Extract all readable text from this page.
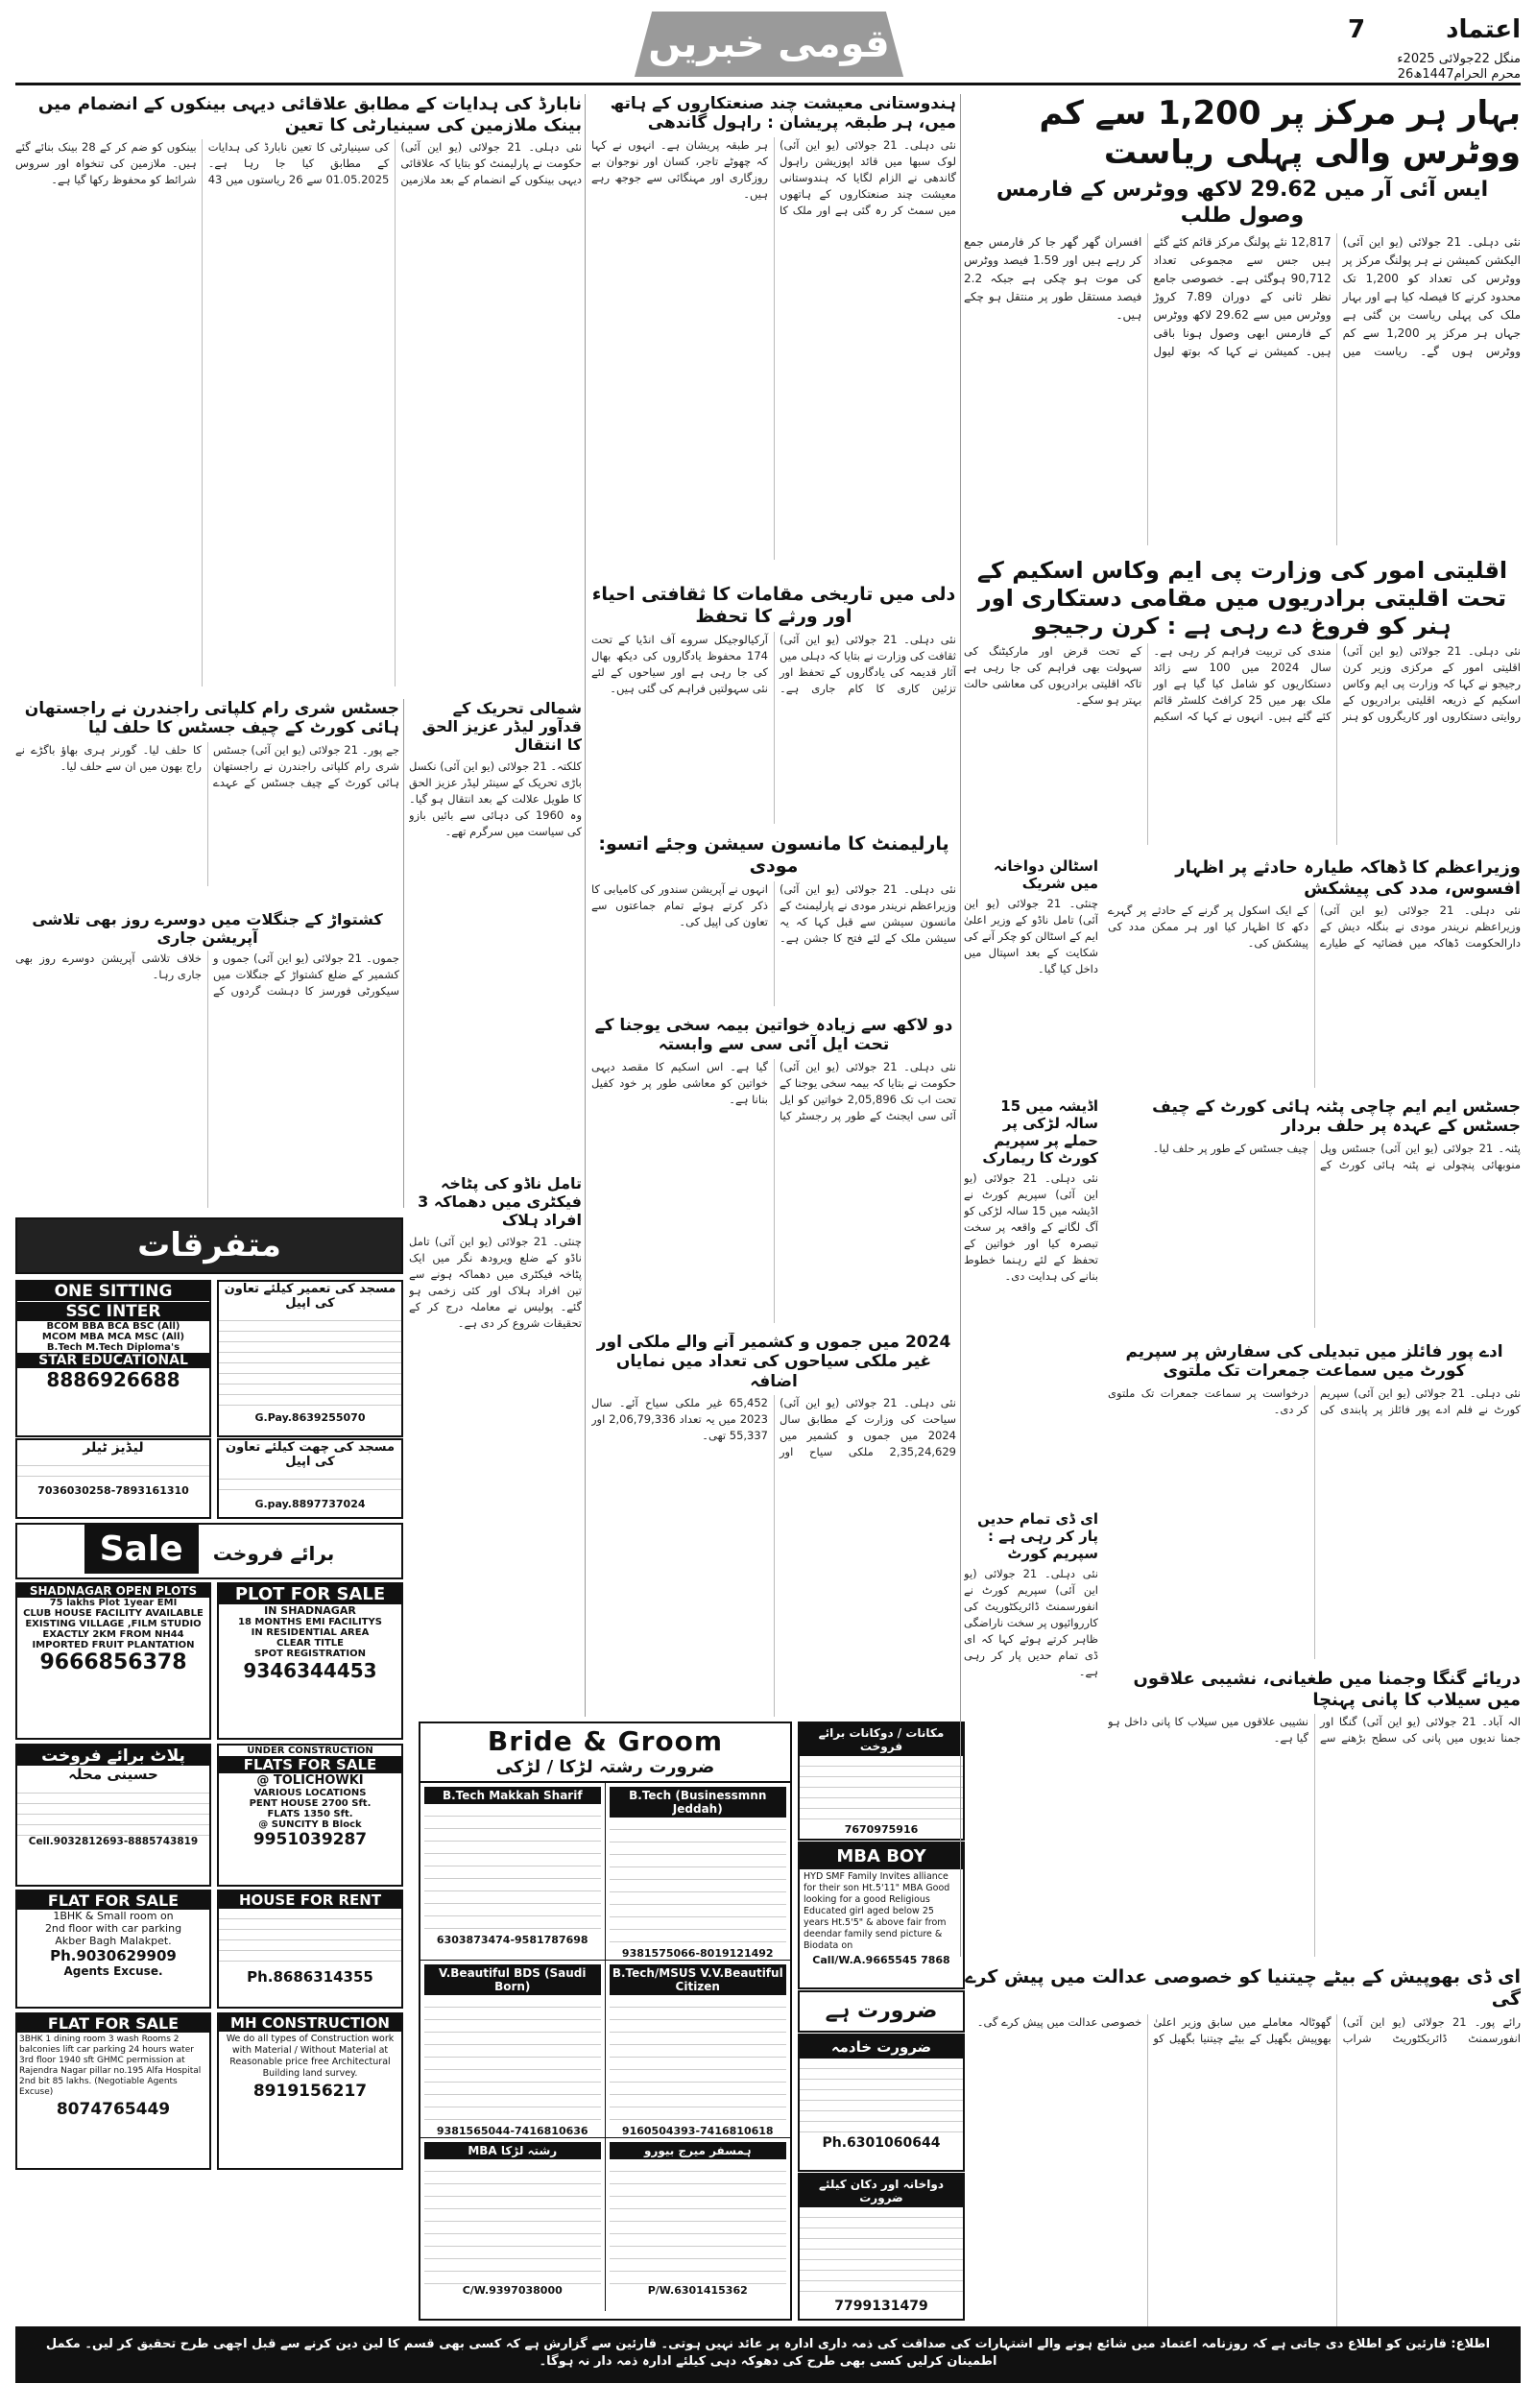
اعتماد
7
منگل 22جولائی 2025ء
26محرم الحرام1447ھ
قومی خبریں
بہار ہر مرکز پر 1,200 سے کم ووٹرس والی پہلی ریاست
ایس آئی آر میں 29.62 لاکھ ووٹرس کے فارمس وصول طلب
نئی دہلی۔ 21 جولائی (یو این آئی) الیکشن کمیشن نے ہر پولنگ مرکز پر ووٹرس کی تعداد کو 1,200 تک محدود کرنے کا فیصلہ کیا ہے اور بہار ملک کی پہلی ریاست بن گئی ہے جہاں ہر مرکز پر 1,200 سے کم ووٹرس ہوں گے۔ ریاست میں 12,817 نئے پولنگ مرکز قائم کئے گئے ہیں جس سے مجموعی تعداد 90,712 ہوگئی ہے۔ خصوصی جامع نظر ثانی کے دوران 7.89 کروڑ ووٹرس میں سے 29.62 لاکھ ووٹرس کے فارمس ابھی وصول ہونا باقی ہیں۔ کمیشن نے کہا کہ بوتھ لیول افسران گھر گھر جا کر فارمس جمع کر رہے ہیں اور 1.59 فیصد ووٹرس کی موت ہو چکی ہے جبکہ 2.2 فیصد مستقل طور پر منتقل ہو چکے ہیں۔
اقلیتی امور کی وزارت پی ایم وکاس اسکیم کے تحت اقلیتی برادریوں میں مقامی دستکاری اور ہنر کو فروغ دے رہی ہے : کرن رجیجو
نئی دہلی۔ 21 جولائی (یو این آئی) اقلیتی امور کے مرکزی وزیر کرن رجیجو نے کہا کہ وزارت پی ایم وکاس اسکیم کے ذریعہ اقلیتی برادریوں کے روایتی دستکاروں اور کاریگروں کو ہنر مندی کی تربیت فراہم کر رہی ہے۔ سال 2024 میں 100 سے زائد دستکاریوں کو شامل کیا گیا ہے اور ملک بھر میں 25 کرافٹ کلسٹر قائم کئے گئے ہیں۔ انہوں نے کہا کہ اسکیم کے تحت قرض اور مارکیٹنگ کی سہولت بھی فراہم کی جا رہی ہے تاکہ اقلیتی برادریوں کی معاشی حالت بہتر ہو سکے۔
وزیراعظم کا ڈھاکہ طیارہ حادثے پر اظہار افسوس، مدد کی پیشکش
نئی دہلی۔ 21 جولائی (یو این آئی) وزیراعظم نریندر مودی نے بنگلہ دیش کے دارالحکومت ڈھاکہ میں فضائیہ کے طیارے کے ایک اسکول پر گرنے کے حادثے پر گہرے دکھ کا اظہار کیا اور ہر ممکن مدد کی پیشکش کی۔
اسٹالن دواخانہ میں شریک
چنئی۔ 21 جولائی (یو این آئی) تامل ناڈو کے وزیر اعلیٰ ایم کے اسٹالن کو چکر آنے کی شکایت کے بعد اسپتال میں داخل کیا گیا۔
جسٹس ایم ایم چاچی پٹنہ ہائی کورٹ کے چیف جسٹس کے عہدہ پر حلف بردار
پٹنہ۔ 21 جولائی (یو این آئی) جسٹس وپل منوبھائی پنچولی نے پٹنہ ہائی کورٹ کے چیف جسٹس کے طور پر حلف لیا۔
اڈیشہ میں 15 سالہ لڑکی پر حملے پر سپریم کورٹ کا ریمارک
نئی دہلی۔ 21 جولائی (یو این آئی) سپریم کورٹ نے اڈیشہ میں 15 سالہ لڑکی کو آگ لگانے کے واقعہ پر سخت تبصرہ کیا اور خواتین کے تحفظ کے لئے رہنما خطوط بنانے کی ہدایت دی۔
ادے پور فائلز میں تبدیلی کی سفارش پر سپریم کورٹ میں سماعت جمعرات تک ملتوی
نئی دہلی۔ 21 جولائی (یو این آئی) سپریم کورٹ نے فلم ادے پور فائلز پر پابندی کی درخواست پر سماعت جمعرات تک ملتوی کر دی۔
ای ڈی تمام حدیں پار کر رہی ہے : سپریم کورٹ
نئی دہلی۔ 21 جولائی (یو این آئی) سپریم کورٹ نے انفورسمنٹ ڈائریکٹوریٹ کی کارروائیوں پر سخت ناراضگی ظاہر کرتے ہوئے کہا کہ ای ڈی تمام حدیں پار کر رہی ہے۔	دریائے گنگا وجمنا میں طغیانی، نشیبی علاقوں میں سیلاب کا پانی پہنچا
الہ آباد۔ 21 جولائی (یو این آئی) گنگا اور جمنا ندیوں میں پانی کی سطح بڑھنے سے نشیبی علاقوں میں سیلاب کا پانی داخل ہو گیا ہے۔
ای ڈی بھوپیش کے بیٹے چیتنیا کو خصوصی عدالت میں پیش کرے گی
رائے پور۔ 21 جولائی (یو این آئی) انفورسمنٹ ڈائریکٹوریٹ شراب گھوٹالہ معاملے میں سابق وزیر اعلیٰ بھوپیش بگھیل کے بیٹے چیتنیا بگھیل کو خصوصی عدالت میں پیش کرے گی۔
ہندوستانی معیشت چند صنعتکاروں کے ہاتھ میں، ہر طبقہ پریشان : راہول گاندھی
نئی دہلی۔ 21 جولائی (یو این آئی) لوک سبھا میں قائد اپوزیشن راہول گاندھی نے الزام لگایا کہ ہندوستانی معیشت چند صنعتکاروں کے ہاتھوں میں سمٹ کر رہ گئی ہے اور ملک کا ہر طبقہ پریشان ہے۔ انہوں نے کہا کہ چھوٹے تاجر، کسان اور نوجوان بے روزگاری اور مہنگائی سے جوجھ رہے ہیں۔
دلی میں تاریخی مقامات کا ثقافتی احیاء اور ورثے کا تحفظ
نئی دہلی۔ 21 جولائی (یو این آئی) ثقافت کی وزارت نے بتایا کہ دہلی میں آثار قدیمہ کی یادگاروں کے تحفظ اور تزئین کاری کا کام جاری ہے۔ آرکیالوجیکل سروے آف انڈیا کے تحت 174 محفوظ یادگاروں کی دیکھ بھال کی جا رہی ہے اور سیاحوں کے لئے نئی سہولتیں فراہم کی گئی ہیں۔
پارلیمنٹ کا مانسون سیشن وجئے اتسو: مودی
نئی دہلی۔ 21 جولائی (یو این آئی) وزیراعظم نریندر مودی نے پارلیمنٹ کے مانسون سیشن سے قبل کہا کہ یہ سیشن ملک کے لئے فتح کا جشن ہے۔ انہوں نے آپریشن سندور کی کامیابی کا ذکر کرتے ہوئے تمام جماعتوں سے تعاون کی اپیل کی۔
دو لاکھ سے زیادہ خواتین بیمہ سخی یوجنا کے تحت ایل آئی سی سے وابستہ
نئی دہلی۔ 21 جولائی (یو این آئی) حکومت نے بتایا کہ بیمہ سخی یوجنا کے تحت اب تک 2,05,896 خواتین کو ایل آئی سی ایجنٹ کے طور پر رجسٹر کیا گیا ہے۔ اس اسکیم کا مقصد دیہی خواتین کو معاشی طور پر خود کفیل بنانا ہے۔
2024 میں جموں و کشمیر آنے والے ملکی اور غیر ملکی سیاحوں کی تعداد میں نمایاں اضافہ
نئی دہلی۔ 21 جولائی (یو این آئی) سیاحت کی وزارت کے مطابق سال 2024 میں جموں و کشمیر میں 2,35,24,629 ملکی سیاح اور 65,452 غیر ملکی سیاح آئے۔ سال 2023 میں یہ تعداد 2,06,79,336 اور 55,337 تھی۔
Bride & Groom
ضرورت رشتہ لڑکا / لڑکی
B.Tech Makkah Sharif
6303873474-9581787698
B.Tech (Businessmnn Jeddah)
9381575066-8019121492
V.Beautiful BDS (Saudi Born)
9381565044-7416810636
B.Tech/MSUS V.V.Beautiful Citizen
9160504393-7416810618
MBA رشتہ لڑکا
C/W.9397038000
ہمسفر میرج بیورو
P/W.6301415362
مکانات / دوکانات برائے فروخت
7670975916
MBA BOY
HYD SMF Family Invites alliance for their son Ht.5'11" MBA Good looking for a good Religious Educated girl aged below 25 years Ht.5'5" & above fair from deendar family send picture & Biodata on
Call/W.A.9665545 7868
ضرورت ہے
ضرورت خادمہ
Ph.6301060644
دواخانہ اور دکان کیلئے ضرورت
7799131479
نابارڈ کی ہدایات کے مطابق علاقائی دیہی بینکوں کے انضمام میں بینک ملازمین کی سینیارٹی کا تعین
نئی دہلی۔ 21 جولائی (یو این آئی) حکومت نے پارلیمنٹ کو بتایا کہ علاقائی دیہی بینکوں کے انضمام کے بعد ملازمین کی سینیارٹی کا تعین نابارڈ کی ہدایات کے مطابق کیا جا رہا ہے۔ 01.05.2025 سے 26 ریاستوں میں 43 بینکوں کو ضم کر کے 28 بینک بنائے گئے ہیں۔ ملازمین کی تنخواہ اور سروس شرائط کو محفوظ رکھا گیا ہے۔
جسٹس شری رام کلپاتی راجندرن نے راجستھان ہائی کورٹ کے چیف جسٹس کا حلف لیا
جے پور۔ 21 جولائی (یو این آئی) جسٹس شری رام کلپاتی راجندرن نے راجستھان ہائی کورٹ کے چیف جسٹس کے عہدے کا حلف لیا۔ گورنر ہری بھاؤ باگڑے نے راج بھون میں ان سے حلف لیا۔
کشتواڑ کے جنگلات میں دوسرے روز بھی تلاشی آپریشن جاری
جموں۔ 21 جولائی (یو این آئی) جموں و کشمیر کے ضلع کشتواڑ کے جنگلات میں سیکورٹی فورسز کا دہشت گردوں کے خلاف تلاشی آپریشن دوسرے روز بھی جاری رہا۔
شمالی تحریک کے قدآور لیڈر عزیز الحق کا انتقال
کلکتہ۔ 21 جولائی (یو این آئی) نکسل باڑی تحریک کے سینئر لیڈر عزیز الحق کا طویل علالت کے بعد انتقال ہو گیا۔ وہ 1960 کی دہائی سے بائیں بازو کی سیاست میں سرگرم تھے۔
تامل ناڈو کی پٹاخہ فیکٹری میں دھماکہ 3 افراد ہلاک
چنئی۔ 21 جولائی (یو این آئی) تامل ناڈو کے ضلع ویرودھ نگر میں ایک پٹاخہ فیکٹری میں دھماکہ ہونے سے تین افراد ہلاک اور کئی زخمی ہو گئے۔ پولیس نے معاملہ درج کر کے تحقیقات شروع کر دی ہے۔
متفرقات
ONE SITTING
SSC INTER
BCOM BBA BCA BSC (All)
MCOM MBA MCA MSC (All)
B.Tech M.Tech Diploma's
STAR EDUCATIONAL
8886926688
مسجد کی تعمیر کیلئے تعاون کی اپیل
G.Pay.8639255070
لیڈیز ٹیلر
7036030258-7893161310
مسجد کی چھت کیلئے تعاون کی اپیل
G.pay.8897737024
Sale برائے فروخت
SHADNAGAR OPEN PLOTS
75 lakhs Plot 1year EMI
CLUB HOUSE FACILITY AVAILABLE
EXISTING VILLAGE ,FILM STUDIO
EXACTLY 2KM FROM NH44
IMPORTED FRUIT PLANTATION
9666856378
PLOT FOR SALE
IN SHADNAGAR
18 MONTHS EMI FACILITYS
IN RESIDENTIAL AREA
CLEAR TITLE
SPOT REGISTRATION
9346344453
پلاٹ برائے فروخت
حسینی محلہ
Cell.9032812693-8885743819
UNDER CONSTRUCTION
FLATS FOR SALE
@ TOLICHOWKI
VARIOUS LOCATIONS
PENT HOUSE 2700 Sft.
FLATS 1350 Sft.
@ SUNCITY B Block
9951039287
FLAT FOR SALE
1BHK & Small room on
2nd floor with car parking
Akber Bagh Malakpet.
Ph.9030629909
Agents Excuse.
HOUSE FOR RENT
Ph.8686314355
FLAT FOR SALE
3BHK 1 dining room 3 wash Rooms 2 balconies lift car parking 24 hours water 3rd floor 1940 sft GHMC permission at Rajendra Nagar pillar no.195 Alfa Hospital 2nd bit 85 lakhs. (Negotiable Agents Excuse)
8074765449
MH CONSTRUCTION
We do all types of Construction work with Material / Without Material at Reasonable price free Architectural Building land survey.
8919156217
اطلاع: قارئین کو اطلاع دی جاتی ہے کہ روزنامہ اعتماد میں شائع ہونے والے اشتہارات کی صداقت کی ذمہ داری ادارہ پر عائد نہیں ہوتی۔ قارئین سے گزارش ہے کہ کسی بھی قسم کا لین دین کرنے سے قبل اچھی طرح تحقیق کر لیں۔ مکمل اطمینان کرلیں کسی بھی طرح کی دھوکہ دہی کیلئے ادارہ ذمہ دار نہ ہوگا۔
